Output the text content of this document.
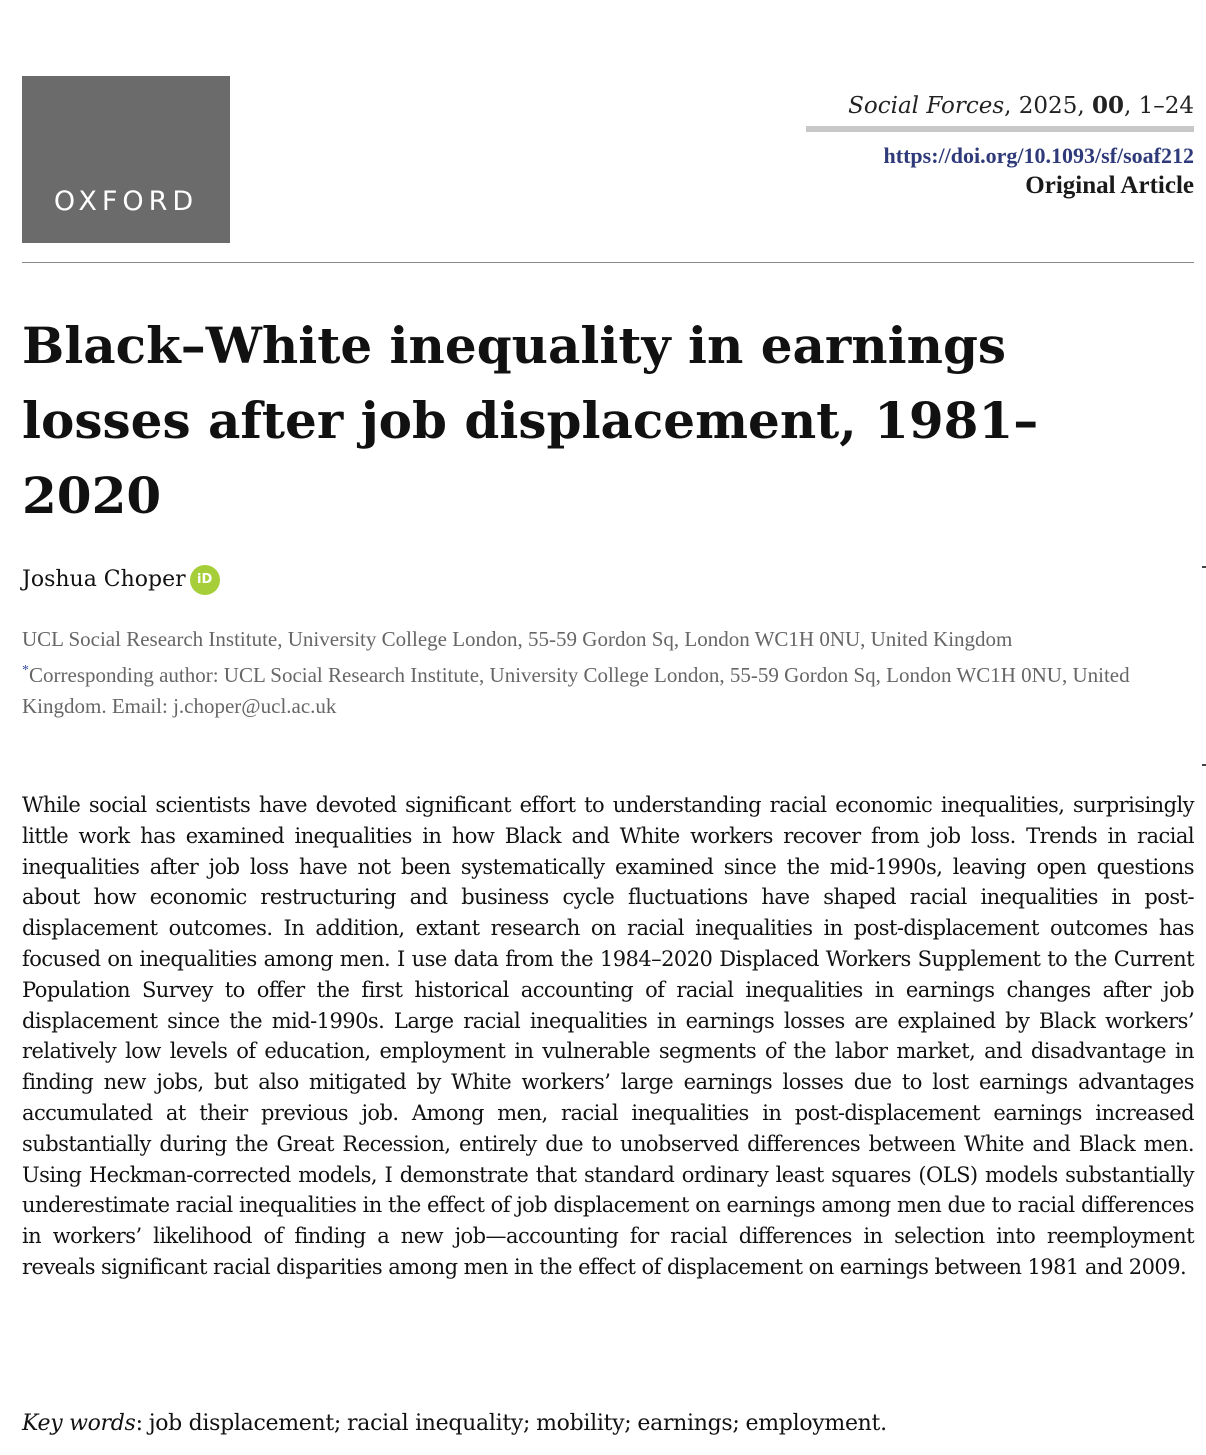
OXFORD
Social Forces, 2025, 00, 1–24
https://doi.org/10.1093/sf/soaf212
Original Article
Black–White inequality in earnings losses after job displacement, 1981–2020
Joshua Choper iD

UCL Social Research Institute, University College London, 55-59 Gordon Sq, London WC1H 0NU, United Kingdom

*Corresponding author: UCL Social Research Institute, University College London, 55-59 Gordon Sq, London WC1H 0NU, United Kingdom. Email: j.choper@ucl.ac.uk

While social scientists have devoted significant effort to understanding racial economic inequalities, surprisingly little work has examined inequalities in how Black and White workers recover from job loss. Trends in racial inequalities after job loss have not been systematically examined since the mid-1990s, leaving open questions about how economic restructuring and business cycle fluctuations have shaped racial inequalities in post-displacement outcomes. In addition, extant research on racial inequalities in post-displacement outcomes has focused on inequalities among men. I use data from the 1984–2020 Displaced Workers Supplement to the Current Population Survey to offer the first historical accounting of racial inequalities in earnings changes after job displacement since the mid-1990s. Large racial inequalities in earnings losses are explained by Black workers’ relatively low levels of education, employment in vulnerable segments of the labor market, and disadvantage in finding new jobs, but also mitigated by White workers’ large earnings losses due to lost earnings advantages accumulated at their previous job. Among men, racial inequalities in post-displacement earnings increased substantially during the Great Recession, entirely due to unobserved differences between White and Black men. Using Heckman-corrected models, I demonstrate that standard ordinary least squares (OLS) models substantially underestimate racial inequalities in the effect of job displacement on earnings among men due to racial differences in workers’ likelihood of finding a new job—accounting for racial differences in selection into reemployment reveals significant racial disparities among men in the effect of displacement on earnings between 1981 and 2009.

Key words: job displacement; racial inequality; mobility; earnings; employment.
